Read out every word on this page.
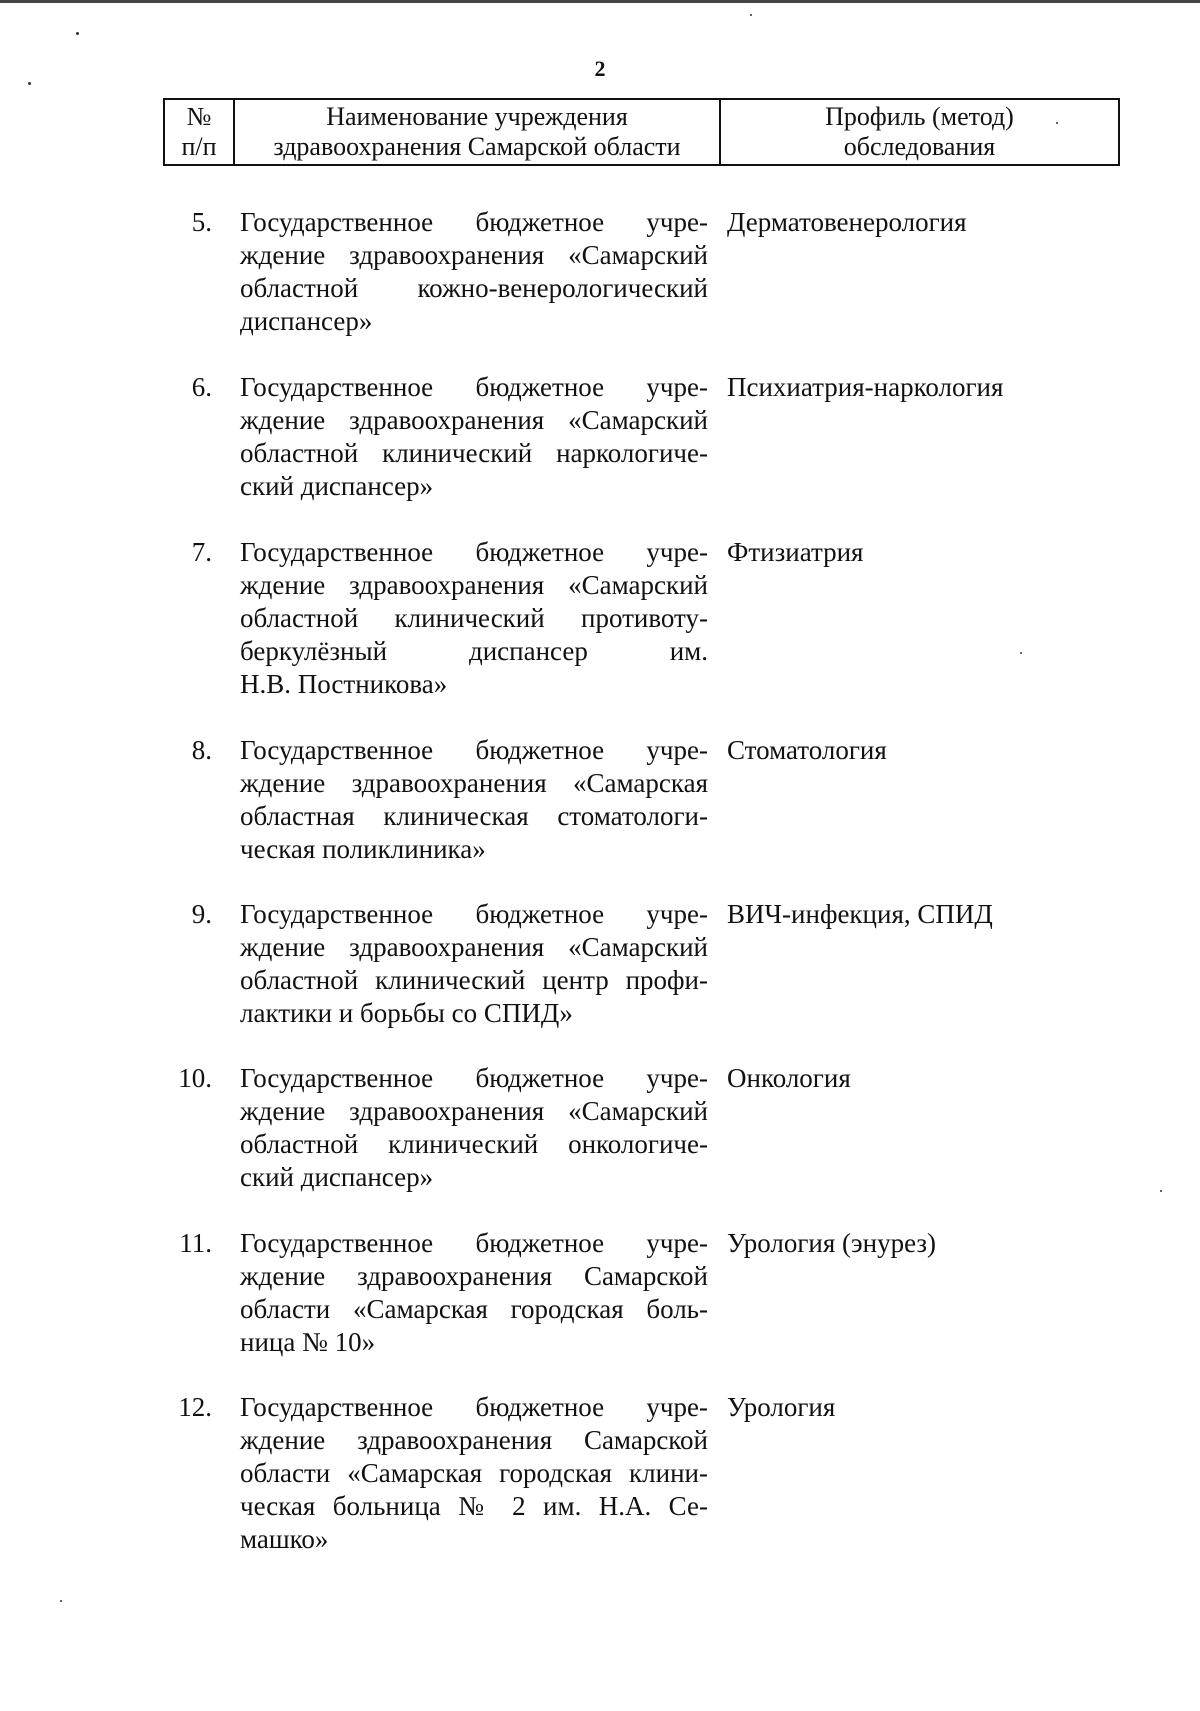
2
№
п/п
Наименование учреждения
здравоохранения Самарской области
Профиль (метод)
обследования
5. Государственное бюджетное учре-
ждение здравоохранения «Самарский
областной кожно-венерологический
диспансер»
Дерматовенерология
6. Государственное бюджетное учре-
ждение здравоохранения «Самарский
областной клинический наркологиче-
ский диспансер»
Психиатрия-наркология
7. Государственное бюджетное учре-
ждение здравоохранения «Самарский
областной клинический противоту-
беркулёзный диспансер им.
Н.В. Постникова»
Фтизиатрия
8. Государственное бюджетное учре-
ждение здравоохранения «Самарская
областная клиническая стоматологи-
ческая поликлиника»
Стоматология
9. Государственное бюджетное учре-
ждение здравоохранения «Самарский
областной клинический центр профи-
лактики и борьбы со СПИД»
ВИЧ-инфекция, СПИД
10. Государственное бюджетное учре-
ждение здравоохранения «Самарский
областной клинический онкологиче-
ский диспансер»
Онкология
11. Государственное бюджетное учре-
ждение здравоохранения Самарской
области «Самарская городская боль-
ница № 10»
Урология (энурез)
12. Государственное бюджетное учре-
ждение здравоохранения Самарской
области «Самарская городская клини-
ческая больница № 2 им. Н.А. Се-
машко»
Урология
